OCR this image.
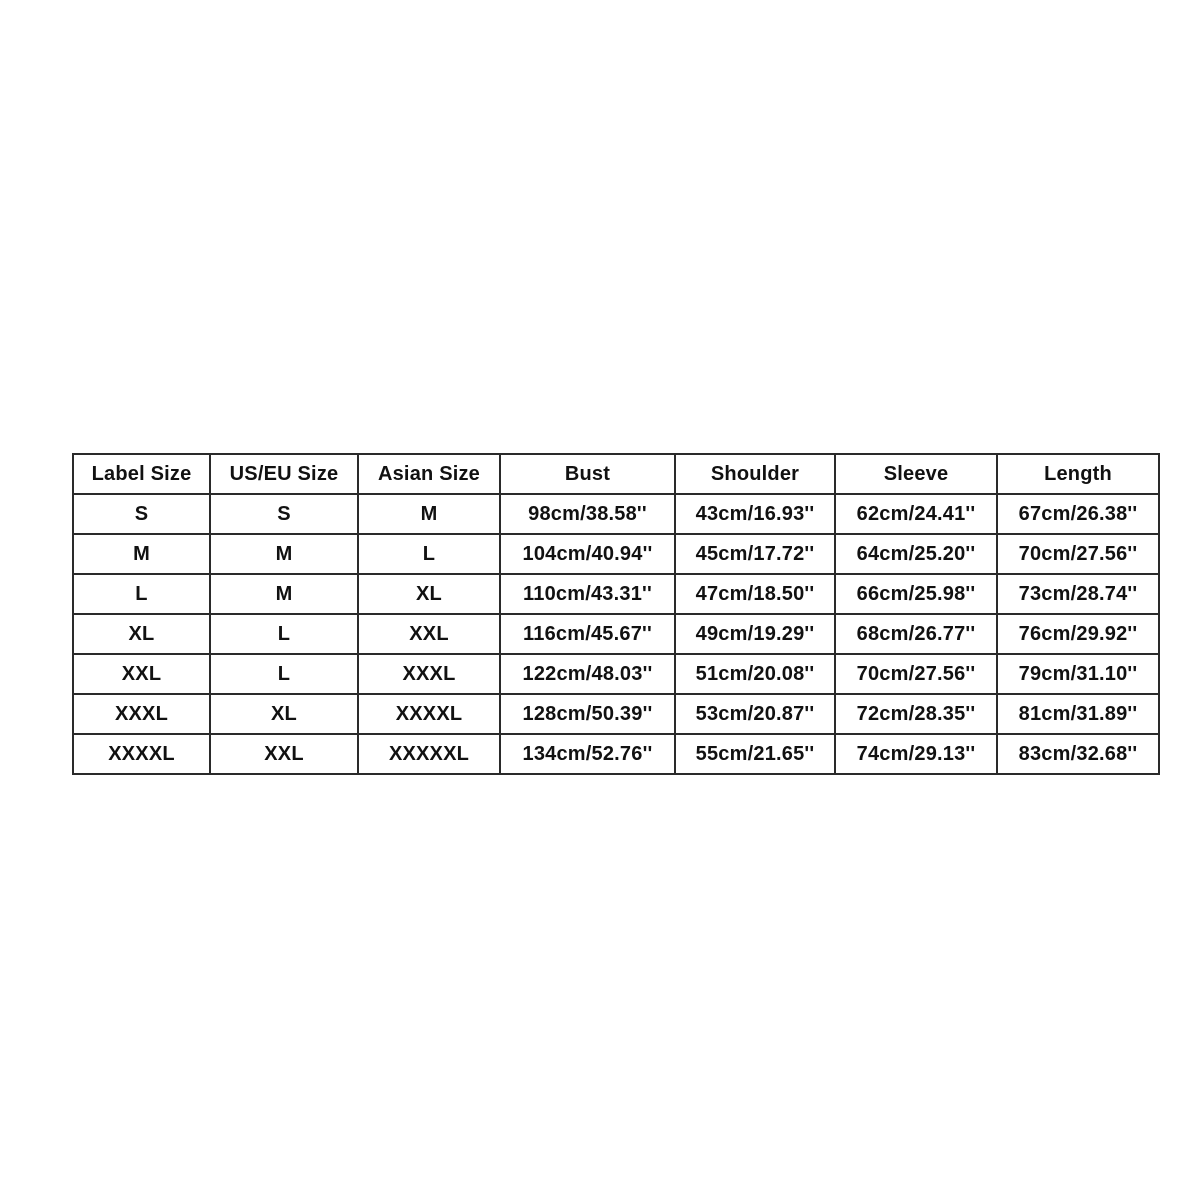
Label Size	US/EU Size	Asian Size	Bust	Shoulder	Sleeve	Length
S	S	M	98cm/38.58''	43cm/16.93''	62cm/24.41''	67cm/26.38''
M	M	L	104cm/40.94''	45cm/17.72''	64cm/25.20''	70cm/27.56''
L	M	XL	110cm/43.31''	47cm/18.50''	66cm/25.98''	73cm/28.74''
XL	L	XXL	116cm/45.67''	49cm/19.29''	68cm/26.77''	76cm/29.92''
XXL	L	XXXL	122cm/48.03''	51cm/20.08''	70cm/27.56''	79cm/31.10''
XXXL	XL	XXXXL	128cm/50.39''	53cm/20.87''	72cm/28.35''	81cm/31.89''
XXXXL	XXL	XXXXXL	134cm/52.76''	55cm/21.65''	74cm/29.13''	83cm/32.68''
